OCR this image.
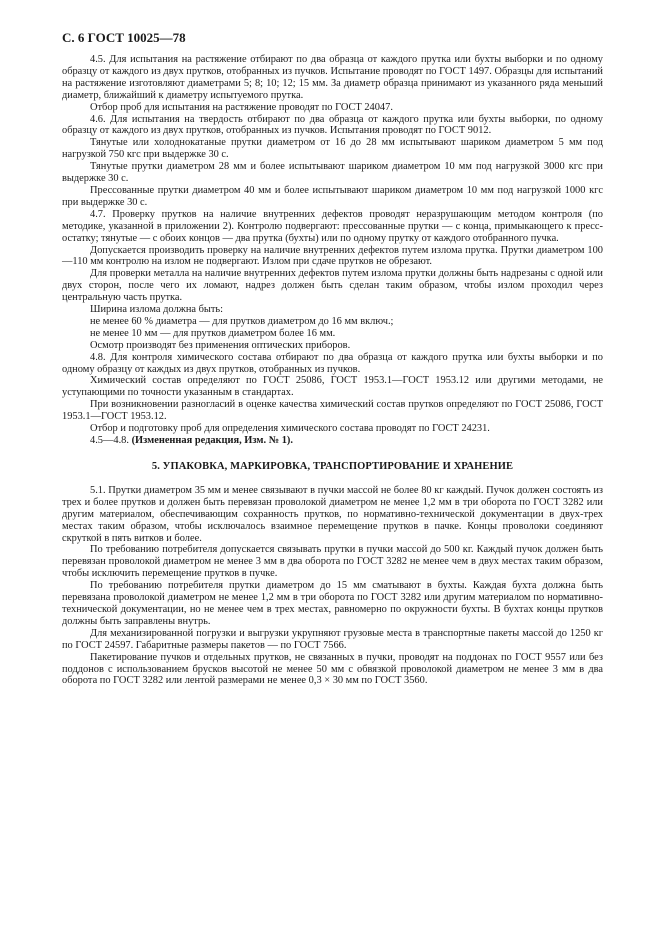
С. 6 ГОСТ 10025—78

4.5. Для испытания на растяжение отбирают по два образца от каждого прутка или бухты выборки и по одному образцу от каждого из двух прутков, отобранных из пучков. Испытание проводят по ГОСТ 1497. Образцы для испытаний на растяжение изготовляют диаметрами 5; 8; 10; 12; 15 мм. За диаметр образца принимают из указанного ряда меньший диаметр, ближайший к диаметру испытуемого прутка.

Отбор проб для испытания на растяжение проводят по ГОСТ 24047.

4.6. Для испытания на твердость отбирают по два образца от каждого прутка или бухты выборки, по одному образцу от каждого из двух прутков, отобранных из пучков. Испытания проводят по ГОСТ 9012.

Тянутые или холоднокатаные прутки диаметром от 16 до 28 мм испытывают шариком диаметром 5 мм под нагрузкой 750 кгс при выдержке 30 с.

Тянутые прутки диаметром 28 мм и более испытывают шариком диаметром 10 мм под нагрузкой 3000 кгс при выдержке 30 с.

Прессованные прутки диаметром 40 мм и более испытывают шариком диаметром 10 мм под нагрузкой 1000 кгс при выдержке 30 с.

4.7. Проверку прутков на наличие внутренних дефектов проводят неразрушающим методом контроля (по методике, указанной в приложении 2). Контролю подвергают: прессованные прутки — с конца, примыкающего к пресс-остатку; тянутые — с обоих концов — два прутка (бухты) или по одному прутку от каждого отобранного пучка.

Допускается производить проверку на наличие внутренних дефектов путем излома прутка. Прутки диаметром 100—110 мм контролю на излом не подвергают. Излом при сдаче прутков не обрезают.

Для проверки металла на наличие внутренних дефектов путем излома прутки должны быть надрезаны с одной или двух сторон, после чего их ломают, надрез должен быть сделан таким образом, чтобы излом проходил через центральную часть прутка.

Ширина излома должна быть:

не менее 60 % диаметра — для прутков диаметром до 16 мм включ.;

не менее 10 мм — для прутков диаметром более 16 мм.

Осмотр производят без применения оптических приборов.

4.8. Для контроля химического состава отбирают по два образца от каждого прутка или бухты выборки и по одному образцу от каждых из двух прутков, отобранных из пучков.

Химический состав определяют по ГОСТ 25086, ГОСТ 1953.1—ГОСТ 1953.12 или другими методами, не уступающими по точности указанным в стандартах.

При возникновении разногласий в оценке качества химический состав прутков определяют по ГОСТ 25086, ГОСТ 1953.1—ГОСТ 1953.12.

Отбор и подготовку проб для определения химического состава проводят по ГОСТ 24231.

4.5—4.8. (Измененная редакция, Изм. № 1).

5. УПАКОВКА, МАРКИРОВКА, ТРАНСПОРТИРОВАНИЕ И ХРАНЕНИЕ

5.1. Прутки диаметром 35 мм и менее связывают в пучки массой не более 80 кг каждый. Пучок должен состоять из трех и более прутков и должен быть перевязан проволокой диаметром не менее 1,2 мм в три оборота по ГОСТ 3282 или другим материалом, обеспечивающим сохранность прутков, по нормативно-технической документации в двух-трех местах таким образом, чтобы исключалось взаимное перемещение прутков в пачке. Концы проволоки соединяют скруткой в пять витков и более.

По требованию потребителя допускается связывать прутки в пучки массой до 500 кг. Каждый пучок должен быть перевязан проволокой диаметром не менее 3 мм в два оборота по ГОСТ 3282 не менее чем в двух местах таким образом, чтобы исключить перемещение прутков в пучке.

По требованию потребителя прутки диаметром до 15 мм сматывают в бухты. Каждая бухта должна быть перевязана проволокой диаметром не менее 1,2 мм в три оборота по ГОСТ 3282 или другим материалом по нормативно-технической документации, но не менее чем в трех местах, равномерно по окружности бухты. В бухтах концы прутков должны быть заправлены внутрь.

Для механизированной погрузки и выгрузки укрупняют грузовые места в транспортные пакеты массой до 1250 кг по ГОСТ 24597. Габаритные размеры пакетов — по ГОСТ 7566.

Пакетирование пучков и отдельных прутков, не связанных в пучки, проводят на поддонах по ГОСТ 9557 или без поддонов с использованием брусков высотой не менее 50 мм с обвязкой проволокой диаметром не менее 3 мм в два оборота по ГОСТ 3282 или лентой размерами не менее 0,3 × 30 мм по ГОСТ 3560.
